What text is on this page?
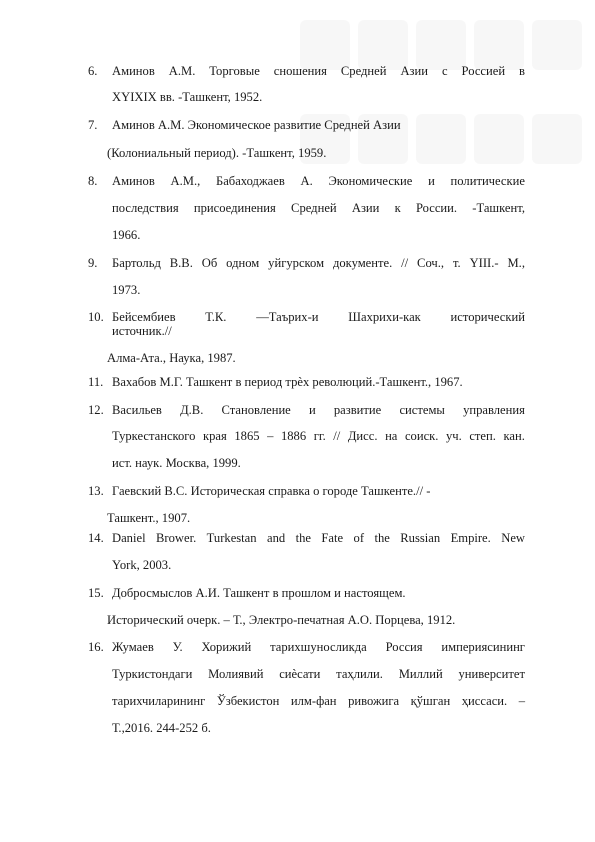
6. Аминов А.М. Торговые сношения Средней Азии с Россией в
XYIXIX вв. -Ташкент, 1952.
7. Аминов А.М. Экономическое развитие Средней Азии
(Колониальный период). -Ташкент, 1959.
8. Аминов А.М., Бабаходжаев А. Экономические и политические
последствия присоединения Средней Азии к России. -Ташкент,
1966.
9. Бартольд В.В. Об одном уйгурском документе. // Соч., т. YIII.- М.,
1973.
10. Бейсембиев Т.К. —Таърих-и Шахрихи-как исторический
источник.//
Алма-Ата., Наука, 1987.
11. Вахабов М.Г. Ташкент в период трѐх революций.-Ташкент., 1967.
12. Васильев Д.В. Становление и развитие системы управления
Туркестанского края 1865 – 1886 гг. // Дисс. на соиск. уч. степ. кан.
ист. наук. Москва, 1999.
13. Гаевский В.С. Историческая справка о городе Ташкенте.// -
Ташкент., 1907.
14. Daniel Brower. Turkestan and the Fate of the Russian Empire. New
York, 2003.
15. Добросмыслов А.И. Ташкент в прошлом и настоящем.
Исторический очерк. – Т., Электро-печатная А.О. Порцева, 1912.
16. Жумаев У. Хорижий тарихшуносликда Россия империясининг
Туркистондаги Молиявий сиѐсати таҳлили. Миллий университет
тарихчиларининг Ўзбекистон илм-фан ривожига қўшган ҳиссаси. –
Т.,2016. 244-252 б.
